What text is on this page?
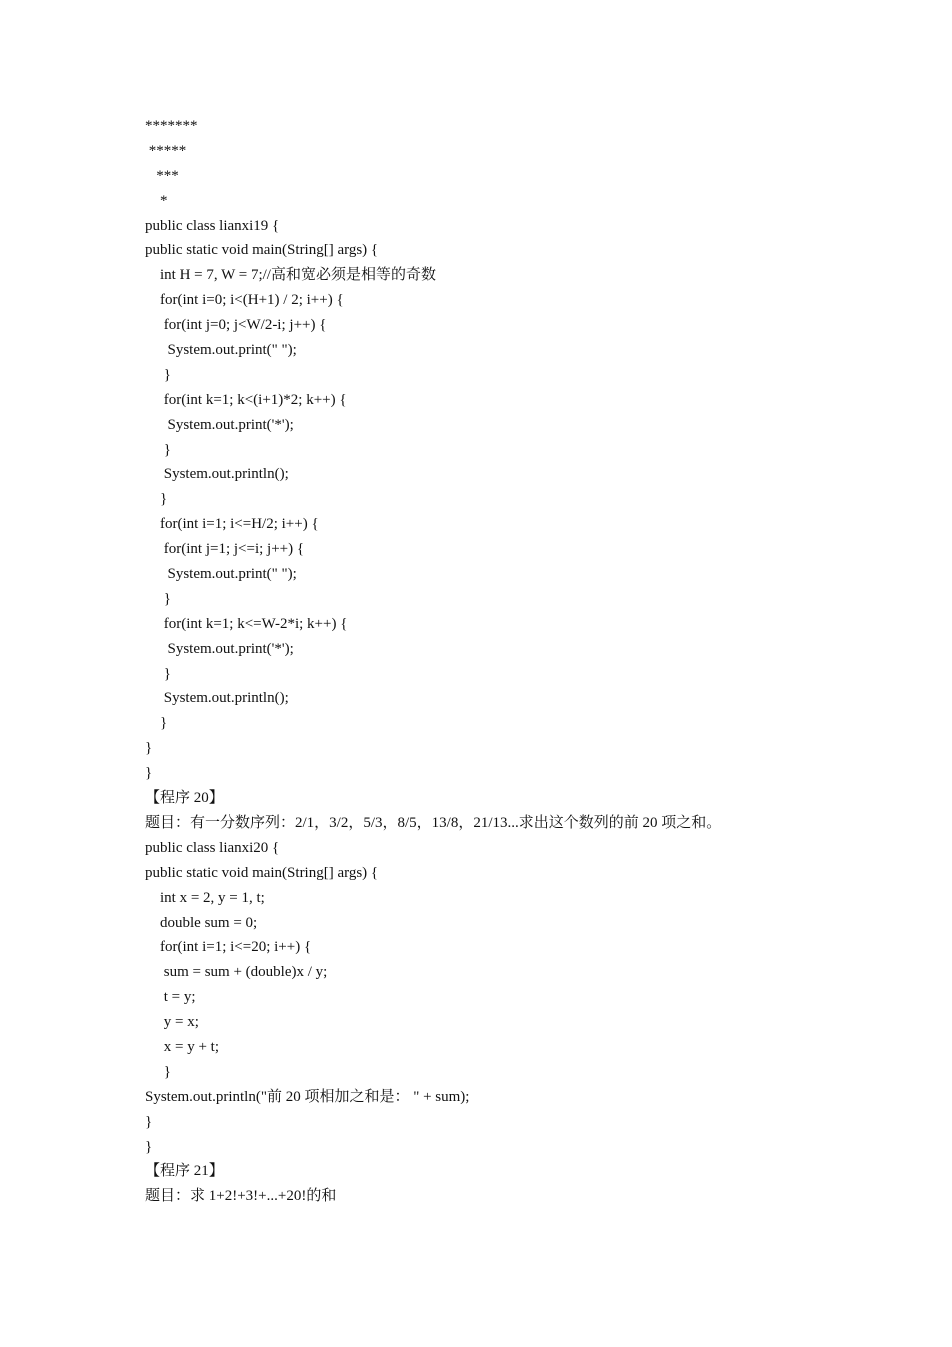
*******
*****
***
*
public class lianxi19 {
public static void main(String[] args) {
int H = 7, W = 7;//高和宽必须是相等的奇数
for(int i=0; i<(H+1) / 2; i++) {
for(int j=0; j<W/2-i; j++) {
System.out.print(" ");
}
for(int k=1; k<(i+1)*2; k++) {
System.out.print('*');
}
System.out.println();
}
for(int i=1; i<=H/2; i++) {
for(int j=1; j<=i; j++) {
System.out.print(" ");
}
for(int k=1; k<=W-2*i; k++) {
System.out.print('*');
}
System.out.println();
}
}
}
【程序 20】
题目：有一分数序列：2/1，3/2，5/3，8/5，13/8，21/13...求出这个数列的前 20 项之和。
public class lianxi20 {
public static void main(String[] args) {
int x = 2, y = 1, t;
double sum = 0;
for(int i=1; i<=20; i++) {
sum = sum + (double)x / y;
t = y;
y = x;
x = y + t;
}
System.out.println("前 20 项相加之和是： " + sum);
}
}
【程序 21】
题目：求 1+2!+3!+...+20!的和
